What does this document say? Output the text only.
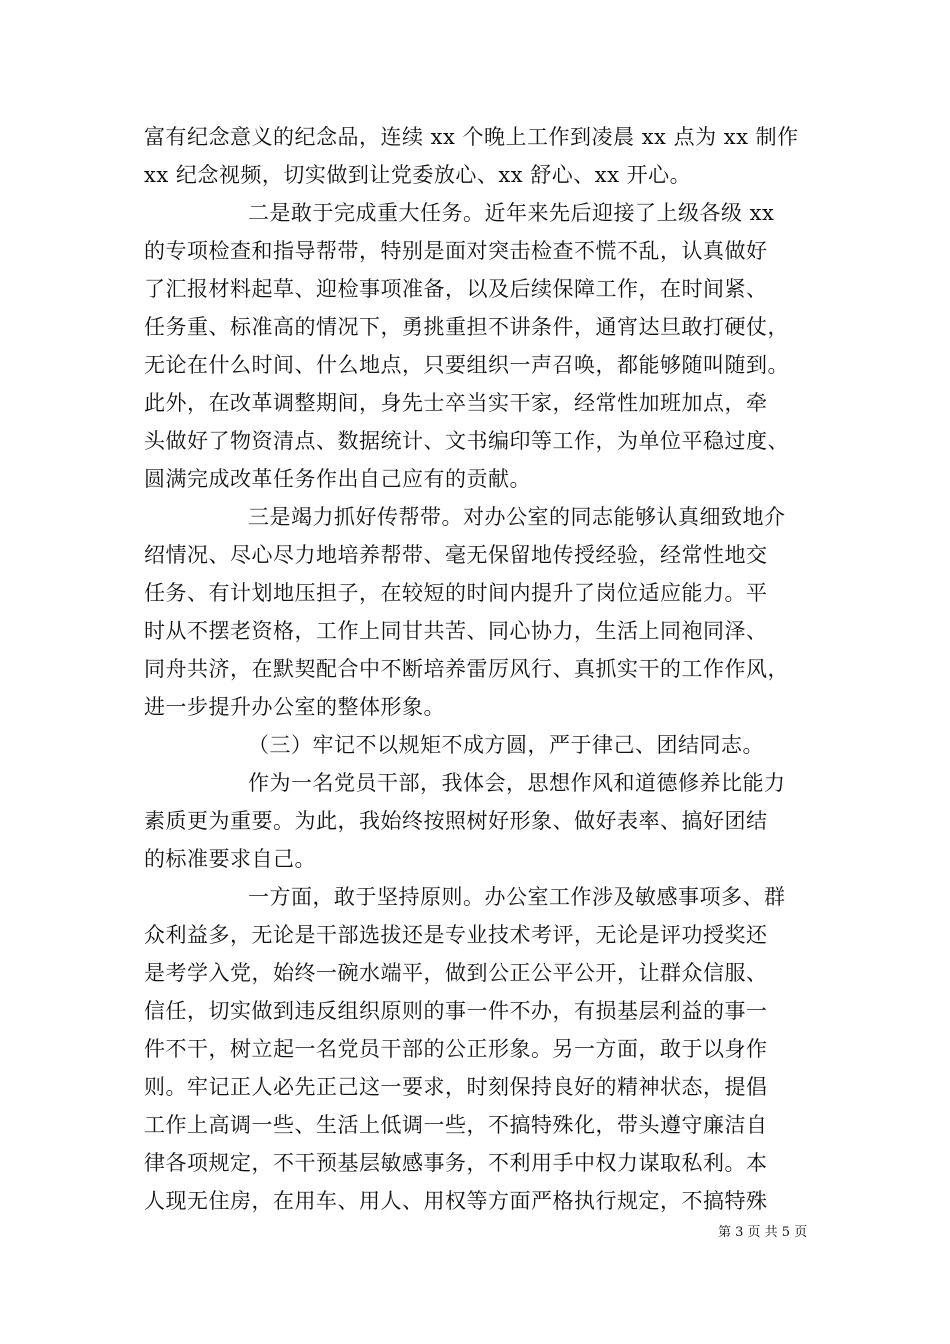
富有纪念意义的纪念品，连续 xx 个晚上工作到凌晨 xx 点为 xx 制作
xx 纪念视频，切实做到让党委放心、xx 舒心、xx 开心。
二是敢于完成重大任务。近年来先后迎接了上级各级 xx
的专项检查和指导帮带，特别是面对突击检查不慌不乱，认真做好
了汇报材料起草、迎检事项准备，以及后续保障工作，在时间紧、
任务重、标准高的情况下，勇挑重担不讲条件，通宵达旦敢打硬仗，
无论在什么时间、什么地点，只要组织一声召唤，都能够随叫随到。
此外，在改革调整期间，身先士卒当实干家，经常性加班加点，牵
头做好了物资清点、数据统计、文书编印等工作，为单位平稳过度、
圆满完成改革任务作出自己应有的贡献。
三是竭力抓好传帮带。对办公室的同志能够认真细致地介
绍情况、尽心尽力地培养帮带、毫无保留地传授经验，经常性地交
任务、有计划地压担子，在较短的时间内提升了岗位适应能力。平
时从不摆老资格，工作上同甘共苦、同心协力，生活上同袍同泽、
同舟共济，在默契配合中不断培养雷厉风行、真抓实干的工作作风，
进一步提升办公室的整体形象。
（三）牢记不以规矩不成方圆，严于律己、团结同志。
作为一名党员干部，我体会，思想作风和道德修养比能力
素质更为重要。为此，我始终按照树好形象、做好表率、搞好团结
的标准要求自己。
一方面，敢于坚持原则。办公室工作涉及敏感事项多、群
众利益多，无论是干部选拔还是专业技术考评，无论是评功授奖还
是考学入党，始终一碗水端平，做到公正公平公开，让群众信服、
信任，切实做到违反组织原则的事一件不办，有损基层利益的事一
件不干，树立起一名党员干部的公正形象。另一方面，敢于以身作
则。牢记正人必先正己这一要求，时刻保持良好的精神状态，提倡
工作上高调一些、生活上低调一些，不搞特殊化，带头遵守廉洁自
律各项规定，不干预基层敏感事务，不利用手中权力谋取私利。本
人现无住房，在用车、用人、用权等方面严格执行规定，不搞特殊
第 3 页 共 5 页
